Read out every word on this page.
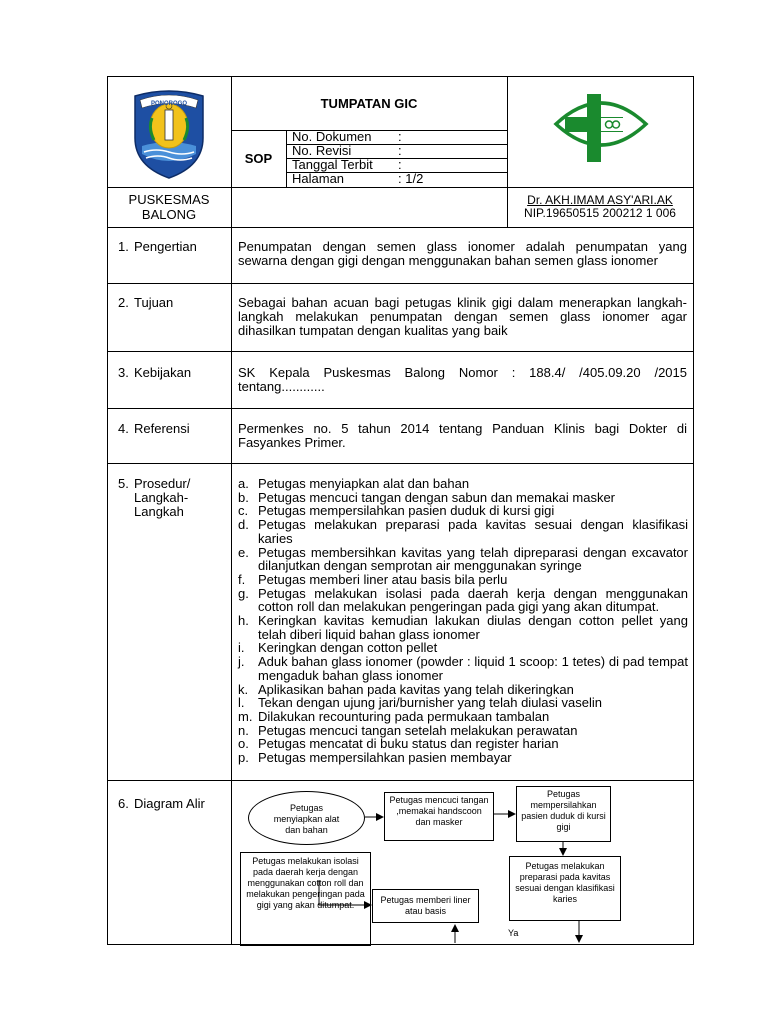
PONOROGO	TUMPATAN GIC
SOP
No. Dokumen :
No. Revisi	:
Tanggal Terbit :
Halaman	: 1/2
PUSKESMAS
BALONG
Dr. AKH.IMAM ASY'ARI.AK
NIP.19650515 200212 1 006
1. Pengertian	Penumpatan dengan semen glass ionomer adalah penumpatan yang sewarna dengan gigi dengan menggunakan bahan semen glass ionomer
2. Tujuan	Sebagai bahan acuan bagi petugas klinik gigi dalam menerapkan langkah-langkah melakukan penumpatan dengan semen glass ionomer agar dihasilkan tumpatan dengan kualitas yang baik
3. Kebijakan	SK Kepala Puskesmas Balong Nomor : 188.4/ /405.09.20 /2015 tentang............
4. Referensi	Permenkes no. 5 tahun 2014 tentang Panduan Klinis bagi Dokter di Fasyankes Primer.
5. Prosedur/
Langkah-
Langkah
a. Petugas menyiapkan alat dan bahan
b. Petugas mencuci tangan dengan sabun dan memakai masker
c. Petugas mempersilahkan pasien duduk di kursi gigi
d. Petugas melakukan preparasi pada kavitas sesuai dengan klasifikasi karies
e. Petugas membersihkan kavitas yang telah dipreparasi dengan excavator dilanjutkan dengan semprotan air menggunakan syringe
f. Petugas memberi liner atau basis bila perlu
g. Petugas melakukan isolasi pada daerah kerja dengan menggunakan cotton roll dan melakukan pengeringan pada gigi yang akan ditumpat.
h. Keringkan kavitas kemudian lakukan diulas dengan cotton pellet yang telah diberi liquid bahan glass ionomer
i.	Keringkan dengan cotton pellet
j.	Aduk bahan glass ionomer (powder : liquid 1 scoop: 1 tetes) di pad tempat mengaduk bahan glass ionomer
k. Aplikasikan bahan pada kavitas yang telah dikeringkan
l.	Tekan dengan ujung jari/burnisher yang telah diulasi vaselin
m. Dilakukan recounturing pada permukaan tambalan
n. Petugas mencuci tangan setelah melakukan perawatan
o. Petugas mencatat di buku status dan register harian
p. Petugas mempersilahkan pasien membayar
6. Diagram Alir	Petugas menyiapkan alat dan bahan
Petugas mencuci tangan ,memakai handscoon dan masker
Petugas mempersilahkan pasien duduk di kursi gigi
Petugas melakukan preparasi pada kavitas sesuai dengan klasifikasi karies
Petugas melakukan isolasi pada daerah kerja dengan menggunakan cotton roll dan melakukan pengeringan pada gigi yang akan ditumpat.	Petugas memberi liner atau basis
Ya
